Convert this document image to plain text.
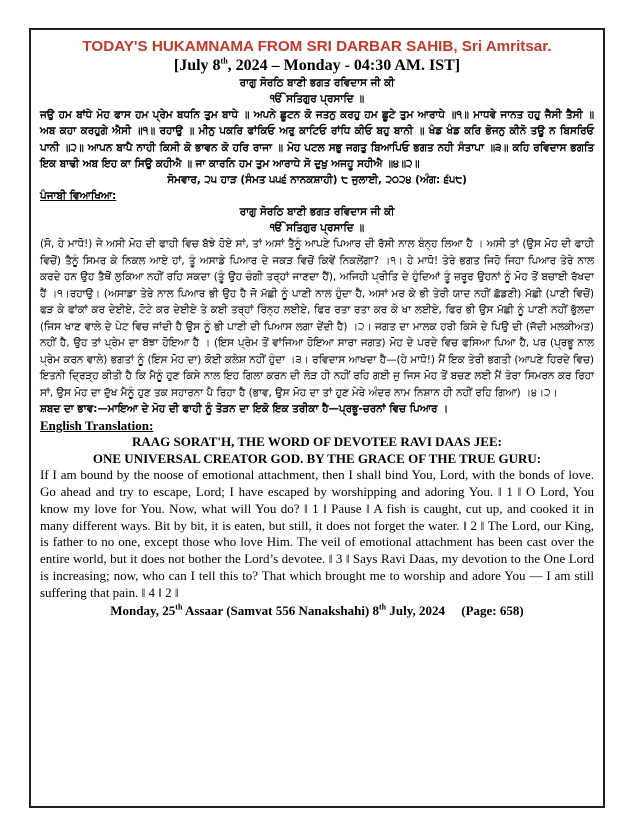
TODAY'S HUKAMNAMA FROM SRI DARBAR SAHIB, Sri Amritsar.
[July 8th, 2024 – Monday - 04:30 AM. IST]
ਰਾਗੁ ਸੋਰਠਿ ਬਾਣੀ ਭਗਤ ਰਵਿਦਾਸ ਜੀ ਕੀ
ੴ ਸਤਿਗੁਰ ਪ੍ਰਸਾਦਿ ॥
ਜਉ ਹਮ ਬਾਂਧੇ ਮੋਹ ਫਾਸ ਹਮ ਪ੍ਰੇਮ ਬਧਨਿ ਤੁਮ ਬਾਧੇ ॥ ਅਪਨੇ ਛੂਟਨ ਕੋ ਜਤਨੁ ਕਰਹੁ ਹਮ ਛੂਟੇ ਤੁਮ ਆਰਾਧੇ ॥੧॥ ਮਾਧਵੇ ਜਾਨਤ ਹਹੁ ਜੈਸੀ ਤੈਸੀ ॥ ਅਬ ਕਹਾ ਕਰਹੁਗੇ ਐਸੀ ॥੧॥ ਰਹਾਉ ॥ ਮੀਨੁ ਪਕਰਿ ਫਾਂਕਿਓ ਅਰੁ ਕਾਟਿਓ ਰਾਂਧਿ ਕੀਓ ਬਹੁ ਬਾਨੀ ॥ ਖੰਡ ਖੰਡ ਕਰਿ ਭੋਜਨੁ ਕੀਨੋ ਤਊ ਨ ਬਿਸਰਿਓ ਪਾਨੀ ॥੨॥ ਆਪਨ ਬਾਪੈ ਨਾਹੀ ਕਿਸੀ ਕੋ ਭਾਵਨ ਕੋ ਹਰਿ ਰਾਜਾ ॥ ਮੋਹ ਪਟਲ ਸਭੁ ਜਗਤੁ ਬਿਆਪਿਓ ਭਗਤ ਨਹੀ ਸੰਤਾਪਾ ॥੩॥ ਕਹਿ ਰਵਿਦਾਸ ਭਗਤਿ ਇਕ ਬਾਢੀ ਅਬ ਇਹ ਕਾ ਸਿਉ ਕਹੀਐ ॥ ਜਾ ਕਾਰਨਿ ਹਮ ਤੁਮ ਆਰਾਧੇ ਸੋ ਦੁਖੁ ਅਜਹੂ ਸਹੀਐ ॥੪॥੨॥
ਸੋਮਵਾਰ, ੨੫ ਹਾੜ (ਸੰਮਤ ੫੫੬ ਨਾਨਕਸ਼ਾਹੀ) ੮ ਜੁਲਾਈ, ੨੦੨੪ (ਅੰਗ: ੬੫੮)
ਪੰਜਾਬੀ ਵਿਆਖਿਆ:
ਰਾਗੁ ਸੋਰਠਿ ਬਾਣੀ ਭਗਤ ਰਵਿਦਾਸ ਜੀ ਕੀ
ੴ ਸਤਿਗੁਰ ਪ੍ਰਸਾਦਿ ॥
(ਸੋ, ਹੇ ਮਾਧੋ!) ਜੇ ਅਸੀ ਮੋਹ ਦੀ ਫਾਹੀ ਵਿਚ ਬੱਝੇ ਹੋਏ ਸਾਂ, ਤਾਂ ਅਸਾਂ ਤੈਨੂੰ ਆਪਣੇ ਪਿਆਰ ਦੀ ਰੱਸੀ ਨਾਲ ਬੰਨ੍ਹ ਲਿਆ ਹੈ । ਅਸੀ ਤਾਂ (ਉਸ ਮੋਹ ਦੀ ਫਾਹੀ ਵਿਚੋਂ) ਤੈਨੂੰ ਸਿਮਰ ਕੇ ਨਿਕਲ ਆਏ ਹਾਂ, ਤੂੰ ਅਸਾਡੇ ਪਿਆਰ ਦੇ ਜਕੜ ਵਿਚੋਂ ਕਿਵੇਂ ਨਿਕਲੇਂਗਾ? ।੧। ਹੇ ਮਾਧੋ! ਤੇਰੇ ਭਗਤ ਜਿਹੋ ਜਿਹਾ ਪਿਆਰ ਤੇਰੇ ਨਾਲ ਕਰਦੇ ਹਨ ਉਹ ਤੈਥੋਂ ਲੁਕਿਆ ਨਹੀਂ ਰਹਿ ਸਕਦਾ (ਤੂੰ ਉਹ ਚੰਗੀ ਤਰ੍ਹਾਂ ਜਾਣਦਾ ਹੈਂ), ਅਜਿਹੀ ਪ੍ਰੀਤਿ ਦੇ ਹੁੰਦਿਆਂ ਤੂੰ ਜ਼ਰੂਰ ਉਹਨਾਂ ਨੂੰ ਮੋਹ ਤੋਂ ਬਚਾਈ ਰੱਖਦਾ ਹੈਂ ।੧।ਰਹਾਉ। (ਅਸਾਡਾ ਤੇਰੇ ਨਾਲ ਪਿਆਰ ਭੀ ਉਹ ਹੈ ਜੋ ਮੱਛੀ ਨੂੰ ਪਾਣੀ ਨਾਲ ਹੁੰਦਾ ਹੈ, ਅਸਾਂ ਮਰ ਕੇ ਭੀ ਤੇਰੀ ਯਾਦ ਨਹੀਂ ਛੱਡਣੀ) ਮੱਛੀ (ਪਾਣੀ ਵਿਚੋਂ) ਫੜ ਕੇ ਫਾਂਕਾਂ ਕਰ ਦੇਈਏ, ਟੋਟੇ ਕਰ ਦੇਈਏ ਤੇ ਕਈ ਤਰ੍ਹਾਂ ਰਿੰਨ੍ਹ ਲਈਏ, ਫਿਰ ਰਤਾ ਰਤਾ ਕਰ ਕੇ ਖਾ ਲਈਏ, ਫਿਰ ਭੀ ਉਸ ਮੱਛੀ ਨੂੰ ਪਾਣੀ ਨਹੀਂ ਭੁੱਲਦਾ (ਜਿਸ ਖਾਣ ਵਾਲੇ ਦੇ ਪੇਟ ਵਿਚ ਜਾਂਦੀ ਹੈ ਉਸ ਨੂੰ ਭੀ ਪਾਣੀ ਦੀ ਪਿਆਸ ਲਗਾ ਦੇਂਦੀ ਹੈ) ।੨। ਜਗਤ ਦਾ ਮਾਲਕ ਹਰੀ ਕਿਸੇ ਦੇ ਪਿਉ ਦੀ (ਜੱਦੀ ਮਲਕੀਅਤ) ਨਹੀਂ ਹੈ, ਉਹ ਤਾਂ ਪ੍ਰੇਮ ਦਾ ਬੱਝਾ ਹੋਇਆ ਹੈ । (ਇਸ ਪ੍ਰੇਮ ਤੋਂ ਵਾਂਜਿਆ ਹੋਇਆ ਸਾਰਾ ਜਗਤ) ਮੋਹ ਦੇ ਪਰਦੇ ਵਿਚ ਫਸਿਆ ਪਿਆ ਹੈ, ਪਰ (ਪ੍ਰਭੂ ਨਾਲ ਪ੍ਰੇਮ ਕਰਨ ਵਾਲੇ) ਭਗਤਾਂ ਨੂੰ (ਇਸ ਮੋਹ ਦਾ) ਕੋਈ ਕਲੇਸ਼ ਨਹੀਂ ਹੁੰਦਾ ।੩। ਰਵਿਦਾਸ ਆਖਦਾ ਹੈ—(ਹੇ ਮਾਧੋ!) ਮੈਂ ਇਕ ਤੇਰੀ ਭਗਤੀ (ਆਪਣੇ ਹਿਰਦੇ ਵਿਚ) ਇਤਨੀ ਦ੍ਰਿੜ੍ਹ ਕੀਤੀ ਹੈ ਕਿ ਮੈਨੂੰ ਹੁਣ ਕਿਸੇ ਨਾਲ ਇਹ ਗਿਲਾ ਕਰਨ ਦੀ ਲੋੜ ਹੀ ਨਹੀਂ ਰਹਿ ਗਈ ਜੁ ਜਿਸ ਮੋਹ ਤੋਂ ਬਚਣ ਲਈ ਮੈਂ ਤੇਰਾ ਸਿਮਰਨ ਕਰ ਰਿਹਾ ਸਾਂ, ਉਸ ਮੋਹ ਦਾ ਦੁੱਖ ਮੈਨੂੰ ਹੁਣ ਤਕ ਸਹਾਰਨਾ ਪੈ ਰਿਹਾ ਹੈ (ਭਾਵ, ਉਸ ਮੋਹ ਦਾ ਤਾਂ ਹੁਣ ਮੇਰੇ ਅੰਦਰ ਨਾਮ ਨਿਸ਼ਾਨ ਹੀ ਨਹੀਂ ਰਹਿ ਗਿਆ) ।੪।੨।
ਸ਼ਬਦ ਦਾ ਭਾਵ:—ਮਾਇਆ ਦੇ ਮੋਹ ਦੀ ਫਾਹੀ ਨੂੰ ਤੋੜਨ ਦਾ ਇਕੋ ਇਕ ਤਰੀਕਾ ਹੈ—ਪ੍ਰਭੂ-ਚਰਨਾਂ ਵਿਚ ਪਿਆਰ ।
English Translation:
RAAG SORAT'H, THE WORD OF DEVOTEE RAVI DAAS JEE:
ONE UNIVERSAL CREATOR GOD. BY THE GRACE OF THE TRUE GURU:
If I am bound by the noose of emotional attachment, then I shall bind You, Lord, with the bonds of love. Go ahead and try to escape, Lord; I have escaped by worshipping and adoring You. ‖ 1 ‖ O Lord, You know my love for You. Now, what will You do? ‖ 1 ‖ Pause ‖ A fish is caught, cut up, and cooked it in many different ways. Bit by bit, it is eaten, but still, it does not forget the water. ‖ 2 ‖ The Lord, our King, is father to no one, except those who love Him. The veil of emotional attachment has been cast over the entire world, but it does not bother the Lord’s devotee. ‖ 3 ‖ Says Ravi Daas, my devotion to the One Lord is increasing; now, who can I tell this to? That which brought me to worship and adore You — I am still suffering that pain. ‖ 4 ‖ 2 ‖
Monday, 25th Assaar (Samvat 556 Nanakshahi) 8th July, 2024 (Page: 658)
